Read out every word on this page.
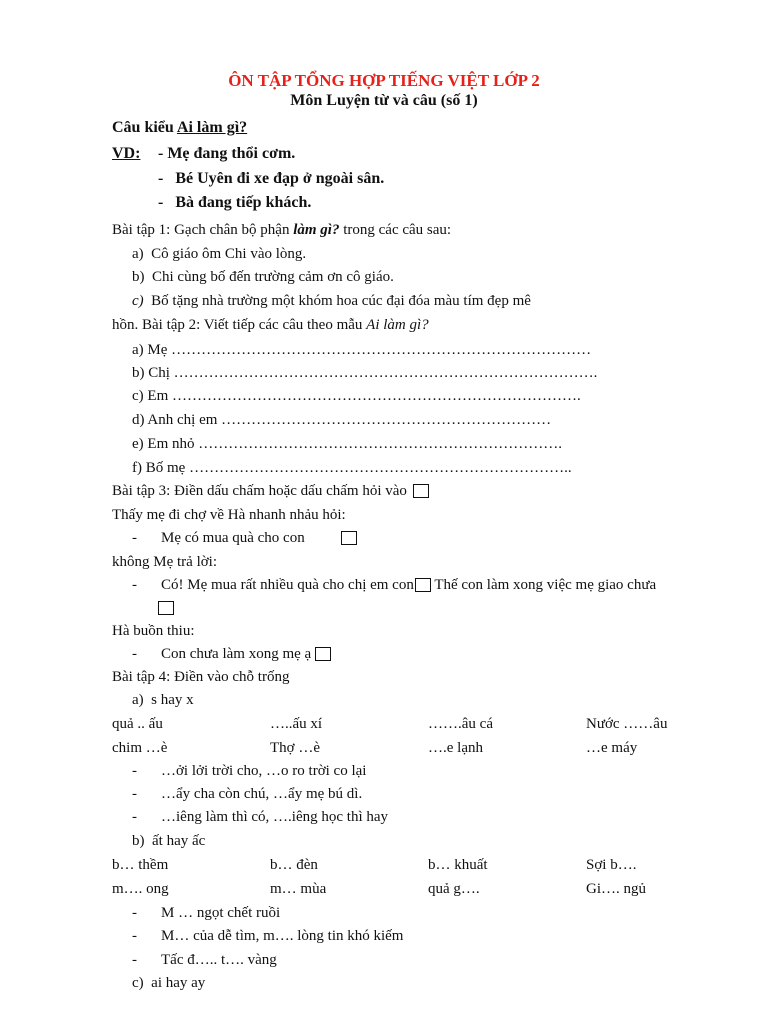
ÔN TẬP TỔNG HỢP TIẾNG VIỆT LỚP 2
Môn Luyện từ và câu (số 1)
Câu kiểu Ai làm gì?
VD: - Mẹ đang thổi cơm.
- Bé Uyên đi xe đạp ở ngoài sân.
- Bà đang tiếp khách.
Bài tập 1: Gạch chân bộ phận làm gì? trong các câu sau:
a) Cô giáo ôm Chi vào lòng.
b) Chi cùng bố đến trường cảm ơn cô giáo.
c) Bố tặng nhà trường một khóm hoa cúc đại đóa màu tím đẹp mê
hồn. Bài tập 2: Viết tiếp các câu theo mẫu Ai làm gì?
a) Mẹ …………………………………………………………………………
b) Chị ………………………………………………………………………….
c) Em ……………………………………………………………………….
d) Anh chị em …………………………………………………………
e) Em nhỏ ……………………………………………………………….
f) Bố mẹ …………………………………………………………………..
Bài tập 3: Điền dấu chấm hoặc dấu chấm hỏi vào
Thấy mẹ đi chợ về Hà nhanh nhảu hỏi:
- Mẹ có mua quà cho con
không Mẹ trả lời:
- Có! Mẹ mua rất nhiều quà cho chị em con Thế con làm xong việc mẹ giao chưa
Hà buồn thiu:
- Con chưa làm xong mẹ ạ
Bài tập 4: Điền vào chỗ trống
a) s hay x
quả .. ấu	…..ấu xí	…….âu cá	Nước ……âu
chim …è	Thợ …è	….e lạnh	…e máy
- …ởi lởi trời cho, …o ro trời co lại
- …ẩy cha còn chú, …ẩy mẹ bú dì.
- …iêng làm thì có, ….iêng học thì hay
b) ất hay ấc
b… thềm	b… đèn	b… khuất	Sợi b….
m…. ong	m… mùa	quả g….	Gi…. ngủ
- M … ngọt chết ruồi
- M… của dễ tìm, m…. lòng tin khó kiếm
- Tấc đ….. t…. vàng
c) ai hay ay
